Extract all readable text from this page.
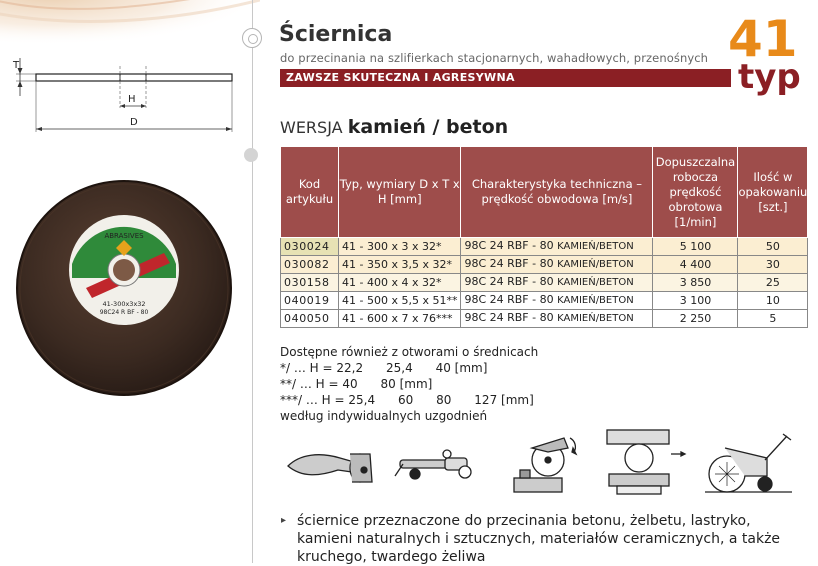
T
H
D
ABRASIVES
41-300x3x32
98C24 R BF - 80
Ściernica
do przecinania na szlifierkach stacjonarnych, wahadłowych, przenośnych
ZAWSZE SKUTECZNA I AGRESYWNA
41
typ
WERSJA kamień / beton
Kod artykułu	Typ, wymiary D x T x H [mm]	Charakterystyka techniczna – prędkość obwodowa [m/s]	Dopuszczalna robocza prędkość obrotowa [1/min]	Ilość w opakowaniu [szt.]
030024	41 - 300 x 3 x 32*	98C 24 RBF - 80 KAMIEŃ/BETON	5 100	50
030082	41 - 350 x 3,5 x 32*	98C 24 RBF - 80 KAMIEŃ/BETON	4 400	30
030158	41 - 400 x 4 x 32*	98C 24 RBF - 80 KAMIEŃ/BETON	3 850	25
040019	41 - 500 x 5,5 x 51**	98C 24 RBF - 80 KAMIEŃ/BETON	3 100	10
040050	41 - 600 x 7 x 76***	98C 24 RBF - 80 KAMIEŃ/BETON	2 250	5
Dostępne również z otworami o średnicach
*/ … H = 22,2      25,4      40 [mm]
**/ … H = 40      80 [mm]
***/ … H = 25,4      60      80      127 [mm]
według indywidualnych uzgodnień
▸ ściernice przeznaczone do przecinania betonu, żelbetu, lastryko, kamieni naturalnych i sztucznych, materiałów ceramicznych, a także kruchego, twardego żeliwa
